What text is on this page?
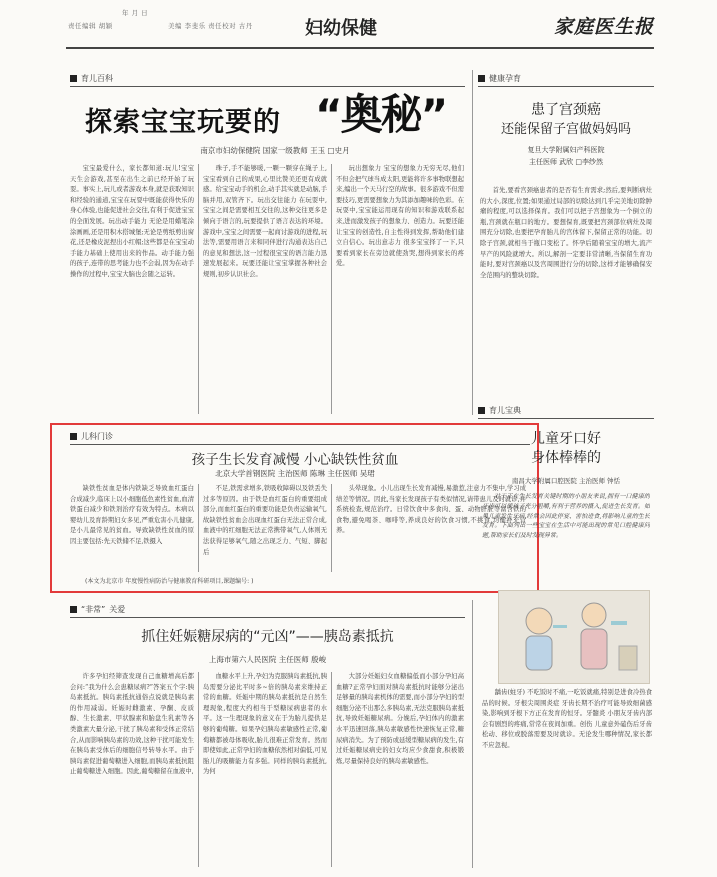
年 月 日
责任编辑 胡颖	美编 李斐乐 责任校对 古丹	妇幼保健	家庭医生报
育儿百科
探索宝宝玩要的 “奥秘”
南京市妇幼保健院 国家一级教师 王玉 □史月

宝宝最爱什么，家长都知道:玩儿!宝宝天生会游戏,甚至在出生之前已经开始了玩耍。事实上,玩儿或者游戏本身,就是获取知识和经验的通道,宝宝在玩耍中既能获得快乐的身心体验,也能促进社会交往,有利于促进宝宝的全面发展。玩出动手能力 无论是用蜡笔涂涂画画,还是用积木搭城堡;无论是剪纸剪出窗花,还是橡皮泥捏出小红帽;这些都是在宝宝动手能力基础上使用出来的作品。动手能力强的孩子,连带的思考能力也不会弱,因为在动手操作的过程中,宝宝大脑也会随之运转。

珠子,手不能够暖,一颗一颗穿在绳子上,宝宝看到自己的成果,心里比赞美还更有成就感。给宝宝动手的机会,动手其实就是动脑,手脑并用,双管齐下。玩出交往能力 在玩耍中,宝宝之间是需要相互交往的,这种交往更多是倾向于语言的,玩要提供了语言表达的环境。游戏中,宝宝之间需要一起商讨游戏的进程,玩法等,需要用语言来和同伴进行沟通表达自己的意见和想法,这一过程很宝宝的语言能力迅速发展起来。玩要还能让宝宝掌握各种社会规则,初步认识社会。

玩出想象力 宝宝的想象力无穷无尽,他们不但会把气球当成太阳,更能将许多事物联想起来,编出一个天马行空的故事。很多游戏不但需要技巧,更需要想象力为其添加趣味的色彩。在玩耍中,宝宝能运用现有的知识和游戏联系起来,进而激发孩子的想象力、创造力。玩要还能让宝宝的创造性,自主性得到发挥,帮助他们建立自信心。玩出意志力 很多宝宝择了一下,只要看到家长在旁边就使劲哭,想得到家长的疼爱。

健康孕育
患了宫颈癌
还能保留子宫做妈妈吗
复旦大学附属妇产科医院
主任医师 武欣 □李纱然

首先,要看宫颈癌患者的是否有生育需求;然后,要判断病灶的大小,深度,位置;如果通过局部的切除达到几乎完美地切除肿瘤的程度,可以选择保育。我们可以把子宫想象为一个倒立的瓶,宫颈就在瓶口的地方。要想保育,既要把宫颈部位病灶及周围充分切除,也要把孕育胎儿的宫体留下,保留正常的功能。切除子宫颈,就相当于瓶口变松了。怀孕后随着宝宝的增大,流产早产的风险就增大。所以,解剖一定要非常清晰,当保留生育功能时,要对宫颈癌以及宫周围进行分的切除,这样才能够确保安全范围内的整块切除。

儿科门诊
孩子生长发育减慢 小心缺铁性贫血
北京大学首钢医院 主治医师 陈琳 主任医师 吴珺

缺铁性贫血是体内铁缺乏导致血红蛋白合成减少,临床上以小细胞低色素性贫血,血清铁蛋白减少和铁剂治疗有效为特点。本病以婴幼儿及育龄期妇女多见,严重危害小儿健康,是小儿最常见的贫血。导致缺铁性贫血的原因主要包括:先天铁储不足,铁摄入

不足,铁需求增多,铁吸收障碍以及铁丢失过多等原因。由于铁是血红蛋白的重要组成部分,而血红蛋白的重要功能是负责运输氧气,故缺铁性贫血会出现血红蛋白无法正常合成,血液中的红细胞无法正常携带氧气,人体则无法获得足够氧气,随之出现乏力、气短、脚起后

头晕现象。小儿出现生长发育减慢,易激惹,注意力不集中,学习成绩差等情况。因此,当家长发现孩子有类似情况,请带患儿及时就诊,并系统检查,规范治疗。日常饮食中多食肉、蛋、动物肝脏等富含铁的食物,避免喝茶、咖啡等,养成良好的饮食习惯,不挑食,均衡补充营养。

(本文为北京市 年度慢性病防治与健康教育科研项目,课题编号: )
育儿宝典
儿童牙口好
身体棒棒的
南昌大学附属口腔医院 主治医师 钟恬

对于正在生长发育关键时期的小朋友来说,拥有一口健康的牙齿可以使孩子充分咀嚼,有利于营养的摄入,促进生长发育。如果儿童发生牙病,经常会因此停宴、害怕进食,将影响儿童的生长发育。下面列出一些宝宝在生活中可能出现的常见口腔健康问题,帮助家长们及时发现异常。

龋齿(蛀牙) 不吃饭时不痛,一吃饭就痛,特别是进食冷热食品的时候。牙根尖周围炎症 牙齿长期不治疗可能导致细菌感染,影响到牙根下方正在发育的恒牙。牙髓炎 小朋友牙齿内部会有剧烈的疼痛,常常在夜间加重。创伤 儿童意外磕伤后牙齿松动、移位或脱落需要及时就诊。无论发生哪种情况,家长都不应忽视。

“非常” 关爱
抓住妊娠糖尿病的“元凶”——胰岛素抵抗
上海市第六人民医院 主任医师 殷峻

许多孕妇经筛查发现自己血糖增高后都会问:“我为什么会患糖尿病?”答案五个字:胰岛素抵抗。胰岛素抵抗通俗点说就是胰岛素的作用减弱。妊娠时雌激素、孕酮、皮质醇、生长激素、甲状腺素和胎盘生乳素等各类激素大量分泌,干扰了胰岛素和受体正常结合,从而影响胰岛素的功效,这种干扰可能发生在胰岛素受体后的细胞信号转导水平。由于胰岛素促进葡萄糖进入细胞,而胰岛素抵抗阻止葡萄糖进入细胞。因此,葡萄糖留在血液中,

血糖水平上升,孕妇为克服胰岛素抵抗,胰岛需要分泌比平时多~倍的胰岛素来维持正常的血糖。妊娠中期的胰岛素抵抗是自然生理现象,程度大约相当于型糖尿病患者的水平。这一生理现象的意义在于为胎儿提供足够的葡萄糖。如果孕妇胰岛素敏感性正常,葡萄糖都被母体吸收,胎儿很难正常发育。然而即使如此,正常孕妇的血糖依然相对偏低,可见胎儿的吸糖能力有多强。同样的胰岛素抵抗,为何

大部分妊娠妇女血糖偏低而小部分孕妇高血糖?正常孕妇面对胰岛素抵抗时能够分泌出足够量的胰岛素机体的需要,而小部分孕妇的型细胞分泌不出那么多胰岛素,无法克服胰岛素抵抗,导致妊娠糖尿病。分娩后,孕妇体内的激素水平迅速回落,胰岛素敏感性快速恢复正常,糖尿病消失。为了预防或延缓型糖尿病的发生,有过妊娠糖尿病史的妇女均应少食甜食,积极锻炼,尽量保持良好的胰岛素敏感性。
